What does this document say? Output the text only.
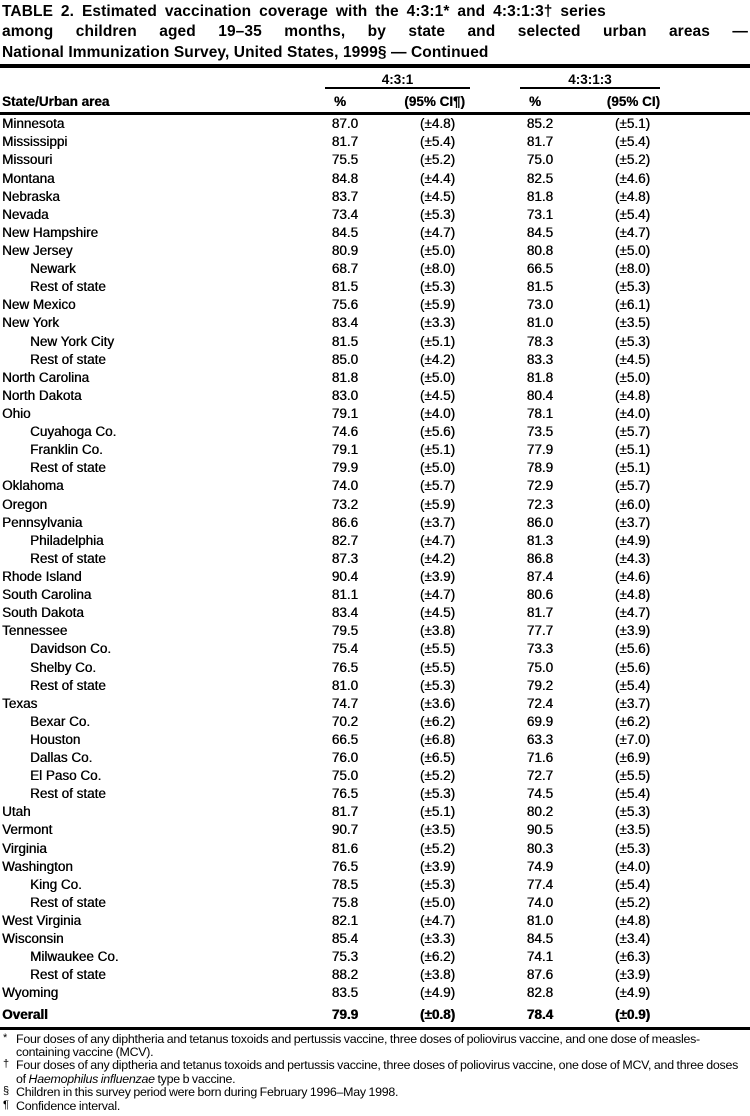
TABLE 2. Estimated vaccination coverage with the 4:3:1* and 4:3:1:3† series
among children aged 19–35 months, by state and selected urban areas —
National Immunization Survey, United States, 1999§ — Continued
4:3:1	4:3:1:3
State/Urban area	%	(95% CI¶)	%	(95% CI)
Minnesota	87.0	(±4.8)	85.2	(±5.1)
Mississippi	81.7	(±5.4)	81.7	(±5.4)
Missouri	75.5	(±5.2)	75.0	(±5.2)
Montana	84.8	(±4.4)	82.5	(±4.6)
Nebraska	83.7	(±4.5)	81.8	(±4.8)
Nevada	73.4	(±5.3)	73.1	(±5.4)
New Hampshire	84.5	(±4.7)	84.5	(±4.7)
New Jersey	80.9	(±5.0)	80.8	(±5.0)
Newark	68.7	(±8.0)	66.5	(±8.0)
Rest of state	81.5	(±5.3)	81.5	(±5.3)
New Mexico	75.6	(±5.9)	73.0	(±6.1)
New York	83.4	(±3.3)	81.0	(±3.5)
New York City	81.5	(±5.1)	78.3	(±5.3)
Rest of state	85.0	(±4.2)	83.3	(±4.5)
North Carolina	81.8	(±5.0)	81.8	(±5.0)
North Dakota	83.0	(±4.5)	80.4	(±4.8)
Ohio	79.1	(±4.0)	78.1	(±4.0)
Cuyahoga Co.	74.6	(±5.6)	73.5	(±5.7)
Franklin Co.	79.1	(±5.1)	77.9	(±5.1)
Rest of state	79.9	(±5.0)	78.9	(±5.1)
Oklahoma	74.0	(±5.7)	72.9	(±5.7)
Oregon	73.2	(±5.9)	72.3	(±6.0)
Pennsylvania	86.6	(±3.7)	86.0	(±3.7)
Philadelphia	82.7	(±4.7)	81.3	(±4.9)
Rest of state	87.3	(±4.2)	86.8	(±4.3)
Rhode Island	90.4	(±3.9)	87.4	(±4.6)
South Carolina	81.1	(±4.7)	80.6	(±4.8)
South Dakota	83.4	(±4.5)	81.7	(±4.7)
Tennessee	79.5	(±3.8)	77.7	(±3.9)
Davidson Co.	75.4	(±5.5)	73.3	(±5.6)
Shelby Co.	76.5	(±5.5)	75.0	(±5.6)
Rest of state	81.0	(±5.3)	79.2	(±5.4)
Texas	74.7	(±3.6)	72.4	(±3.7)
Bexar Co.	70.2	(±6.2)	69.9	(±6.2)
Houston	66.5	(±6.8)	63.3	(±7.0)
Dallas Co.	76.0	(±6.5)	71.6	(±6.9)
El Paso Co.	75.0	(±5.2)	72.7	(±5.5)
Rest of state	76.5	(±5.3)	74.5	(±5.4)
Utah	81.7	(±5.1)	80.2	(±5.3)
Vermont	90.7	(±3.5)	90.5	(±3.5)
Virginia	81.6	(±5.2)	80.3	(±5.3)
Washington	76.5	(±3.9)	74.9	(±4.0)
King Co.	78.5	(±5.3)	77.4	(±5.4)
Rest of state	75.8	(±5.0)	74.0	(±5.2)
West Virginia	82.1	(±4.7)	81.0	(±4.8)
Wisconsin	85.4	(±3.3)	84.5	(±3.4)
Milwaukee Co.	75.3	(±6.2)	74.1	(±6.3)
Rest of state	88.2	(±3.8)	87.6	(±3.9)
Wyoming	83.5	(±4.9)	82.8	(±4.9)
Overall	79.9	(±0.8)	78.4	(±0.9)
* Four doses of any diphtheria and tetanus toxoids and pertussis vaccine, three doses of poliovirus vaccine, and one dose of measles-containing vaccine (MCV).
† Four doses of any diptheria and tetanus toxoids and pertussis vaccine, three doses of poliovirus vaccine, one dose of MCV, and three doses of Haemophilus influenzae type b vaccine.
§ Children in this survey period were born during February 1996–May 1998.
¶ Confidence interval.
